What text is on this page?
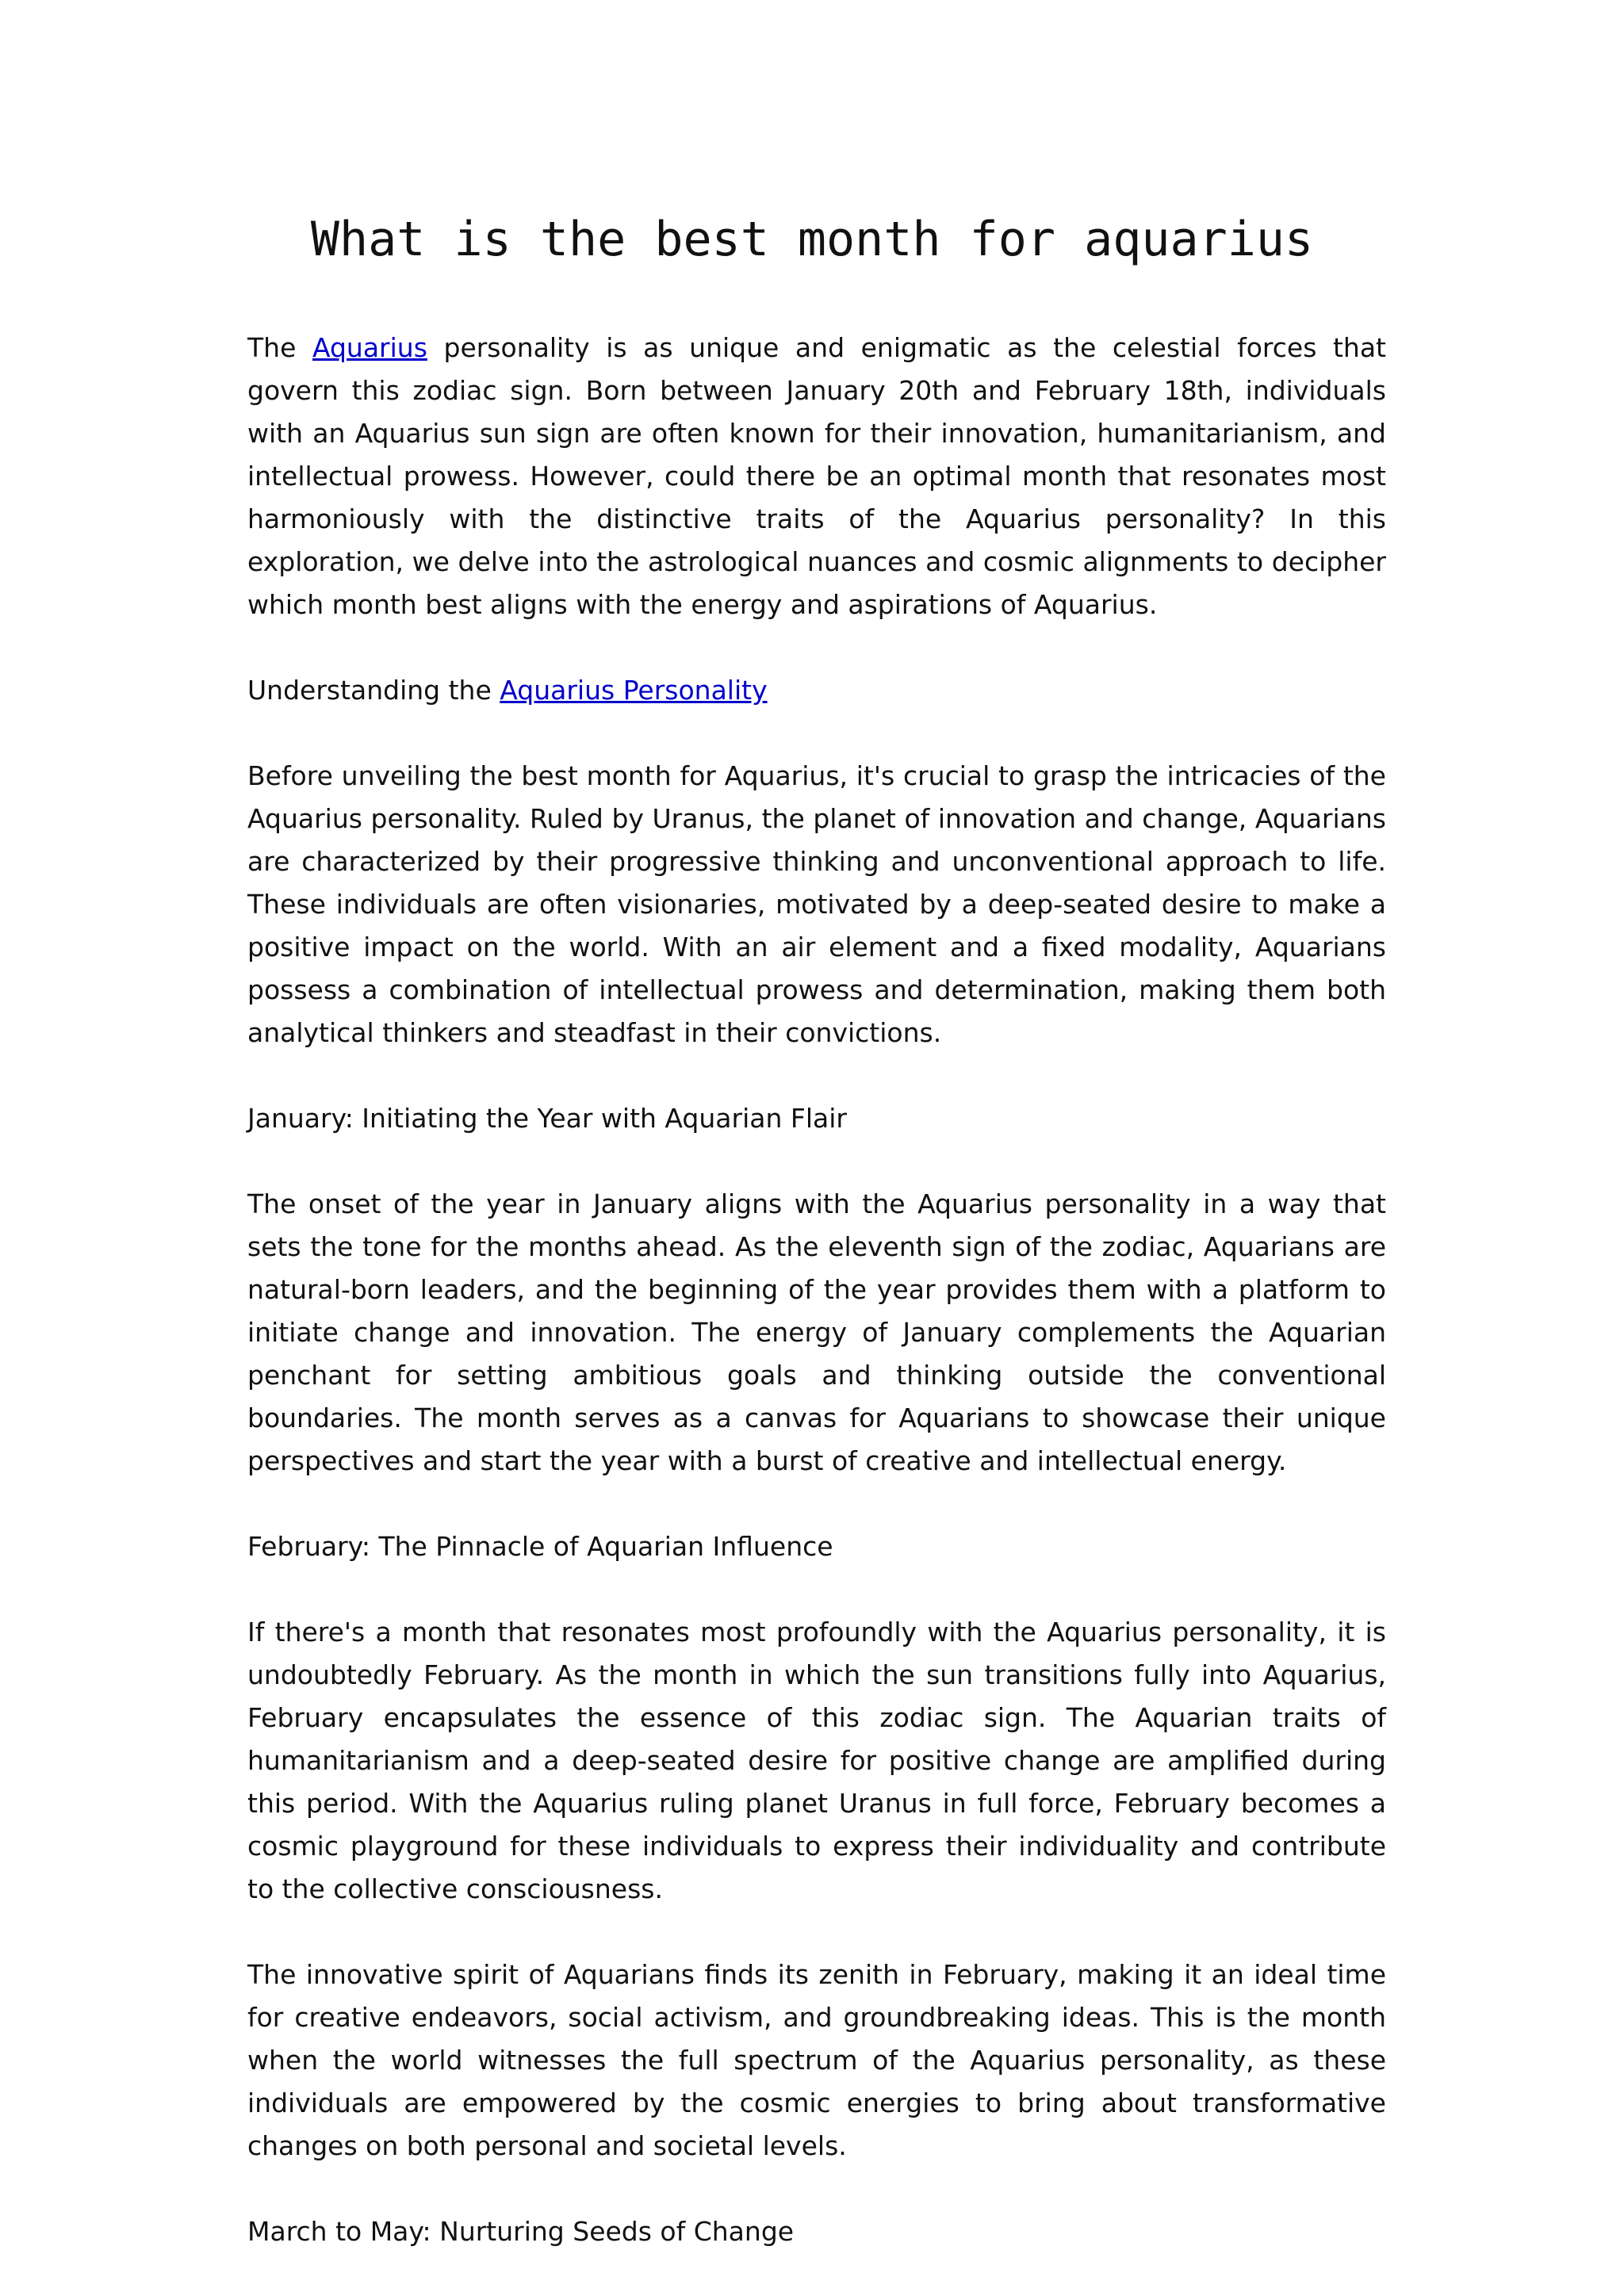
What is the best month for aquarius

The Aquarius personality is as unique and enigmatic as the celestial forces that govern this zodiac sign. Born between January 20th and February 18th, individuals with an Aquarius sun sign are often known for their innovation, humanitarianism, and intellectual prowess. However, could there be an optimal month that resonates most harmoniously with the distinctive traits of the Aquarius personality? In this exploration, we delve into the astrological nuances and cosmic alignments to decipher which month best aligns with the energy and aspirations of Aquarius.

Understanding the Aquarius Personality

Before unveiling the best month for Aquarius, it's crucial to grasp the intricacies of the Aquarius personality. Ruled by Uranus, the planet of innovation and change, Aquarians are characterized by their progressive thinking and unconventional approach to life. These individuals are often visionaries, motivated by a deep-seated desire to make a positive impact on the world. With an air element and a fixed modality, Aquarians possess a combination of intellectual prowess and determination, making them both analytical thinkers and steadfast in their convictions.

January: Initiating the Year with Aquarian Flair

The onset of the year in January aligns with the Aquarius personality in a way that sets the tone for the months ahead. As the eleventh sign of the zodiac, Aquarians are natural-born leaders, and the beginning of the year provides them with a platform to initiate change and innovation. The energy of January complements the Aquarian penchant for setting ambitious goals and thinking outside the conventional boundaries. The month serves as a canvas for Aquarians to showcase their unique perspectives and start the year with a burst of creative and intellectual energy.

February: The Pinnacle of Aquarian Influence

If there's a month that resonates most profoundly with the Aquarius personality, it is undoubtedly February. As the month in which the sun transitions fully into Aquarius, February encapsulates the essence of this zodiac sign. The Aquarian traits of humanitarianism and a deep-seated desire for positive change are amplified during this period. With the Aquarius ruling planet Uranus in full force, February becomes a cosmic playground for these individuals to express their individuality and contribute to the collective consciousness.

The innovative spirit of Aquarians finds its zenith in February, making it an ideal time for creative endeavors, social activism, and groundbreaking ideas. This is the month when the world witnesses the full spectrum of the Aquarius personality, as these individuals are empowered by the cosmic energies to bring about transformative changes on both personal and societal levels.

March to May: Nurturing Seeds of Change
